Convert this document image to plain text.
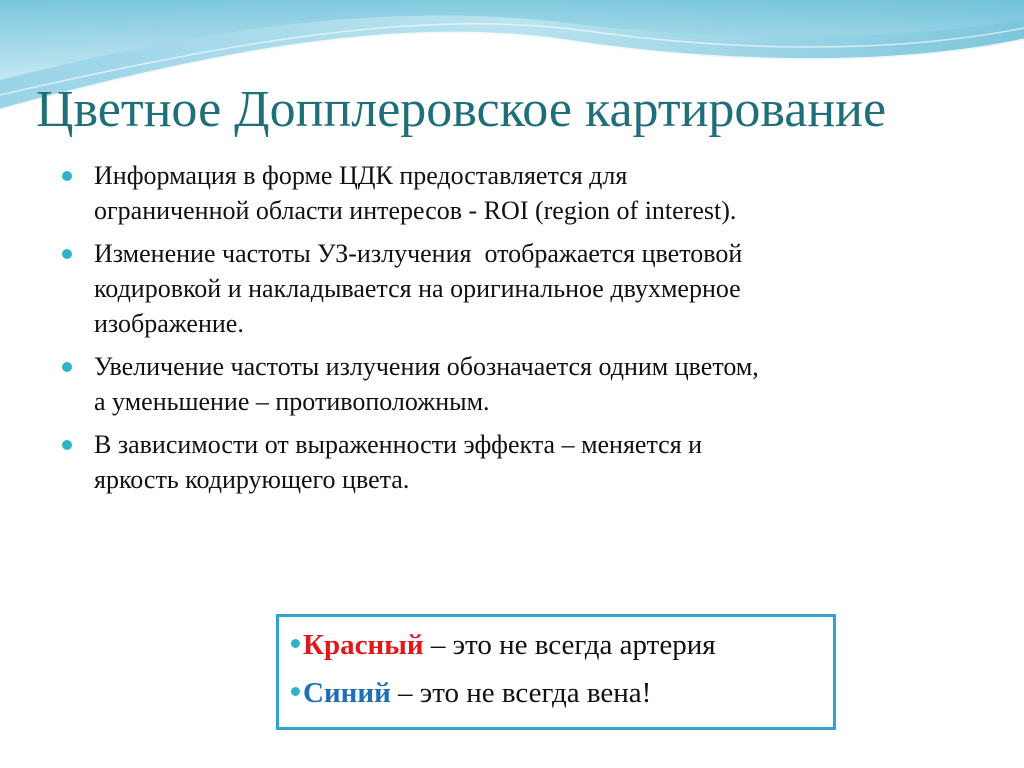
Цветное Допплеровское картирование
Информация в форме ЦДК предоставляется для
ограниченной области интересов - ROI (region of interest).
Изменение частоты УЗ-излучения  отображается цветовой
кодировкой и накладывается на оригинальное двухмерное
изображение.
Увеличение частоты излучения обозначается одним цветом,
а уменьшение – противоположным.
В зависимости от выраженности эффекта – меняется и
яркость кодирующего цвета.
Красный – это не всегда артерия
Синий – это не всегда вена!
